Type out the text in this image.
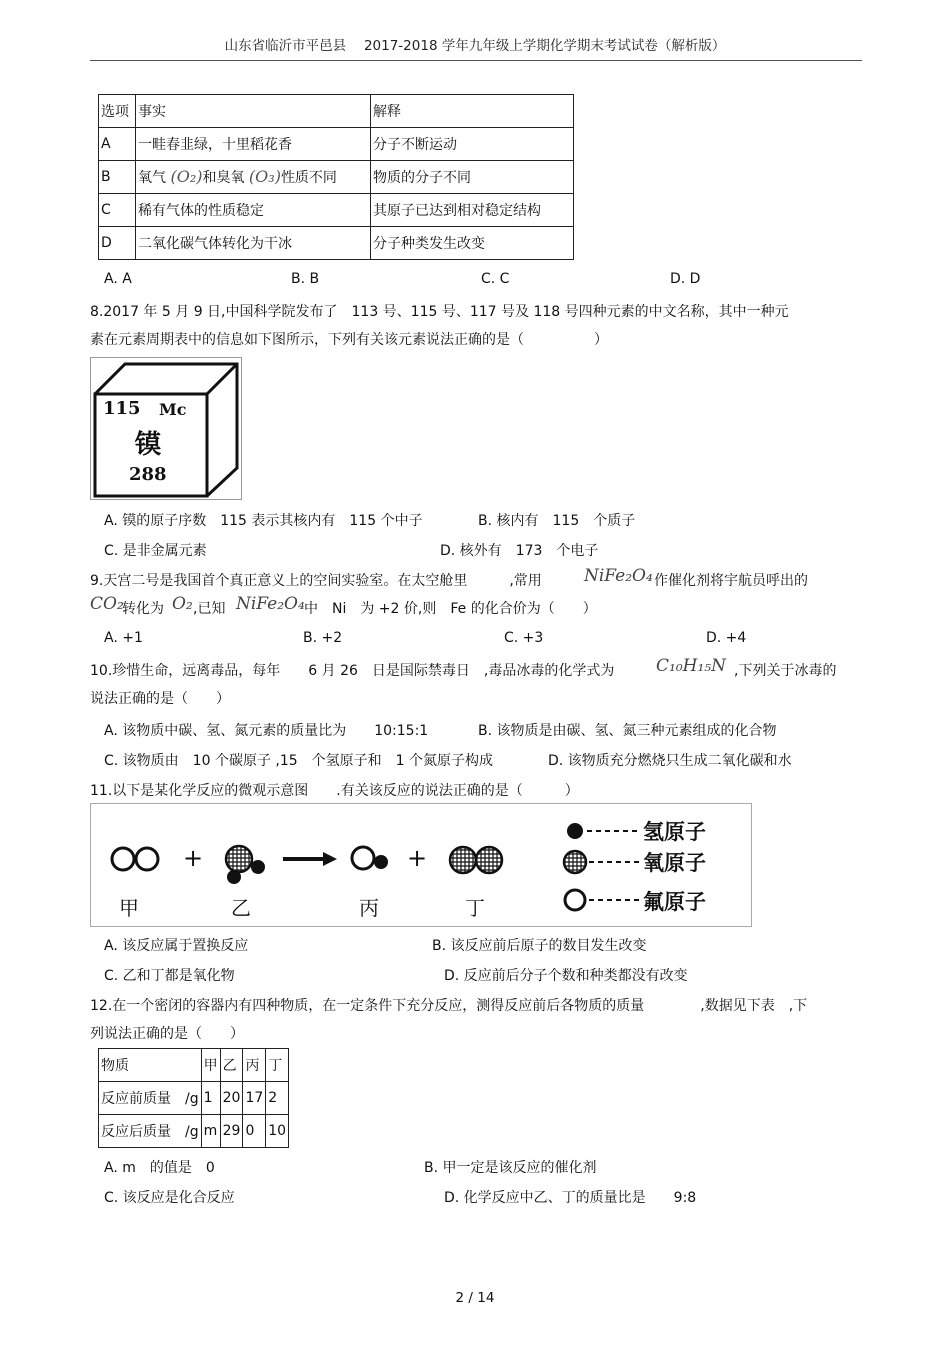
山东省临沂市平邑县　 2017-2018 学年九年级上学期化学期末考试试卷（解析版）
选项	事实	解释
A	一畦春韭绿，十里稻花香	分子不断运动
B	氧气 (O₂)和臭氧 (O₃)性质不同	物质的分子不同
C	稀有气体的性质稳定	其原子已达到相对稳定结构
D	二氧化碳气体转化为干冰	分子种类发生改变
A. A	B. B	C. C	D. D
8.2017 年 5 月 9 日,中国科学院发布了　113 号、115 号、117 号及 118 号四种元素的中文名称，其中一种元
素在元素周期表中的信息如下图所示，下列有关该元素说法正确的是（　　　　　）
115 Mc
镆
288
A. 镆的原子序数　115 表示其核内有　115 个中子	B. 核内有　115　个质子
C. 是非金属元素	D. 核外有　173　个电子
9.天宫二号是我国首个真正意义上的空间实验室。在太空舱里　　　,常用 NiFe₂O₄ 作催化剂将宇航员呼出的
CO₂
转化为 O₂ ,已知 NiFe₂O₄ 中　Ni　为 +2 价,则　Fe 的化合价为（　　）
A. +1	B. +2	C. +3	D. +4
10.珍惜生命，远离毒品，每年　　6 月 26　日是国际禁毒日　,毒品冰毒的化学式为 C₁₀H₁₅N ,下列关于冰毒的
说法正确的是（　　）
A. 该物质中碳、氢、氮元素的质量比为　　10:15:1	B. 该物质是由碳、氢、氮三种元素组成的化合物
C. 该物质由　10 个碳原子 ,15　个氢原子和　1 个氮原子构成	D. 该物质充分燃烧只生成二氧化碳和水
11.以下是某化学反应的微观示意图　　.有关该反应的说法正确的是（　　　）
+	+
甲	乙	丙	丁
氢原子
氧原子
氟原子
A. 该反应属于置换反应	B. 该反应前后原子的数目发生改变
C. 乙和丁都是氧化物	D. 反应前后分子个数和种类都没有改变
12.在一个密闭的容器内有四种物质，在一定条件下充分反应，测得反应前后各物质的质量　　　　,数据见下表　,下
列说法正确的是（　　）
物质	甲	乙	丙	丁
反应前质量　/g	1	20	17	2
反应后质量　/g	m	29	0	10
A. m　的值是　0	B. 甲一定是该反应的催化剂
C. 该反应是化合反应	D. 化学反应中乙、丁的质量比是　　9:8
2 / 14
